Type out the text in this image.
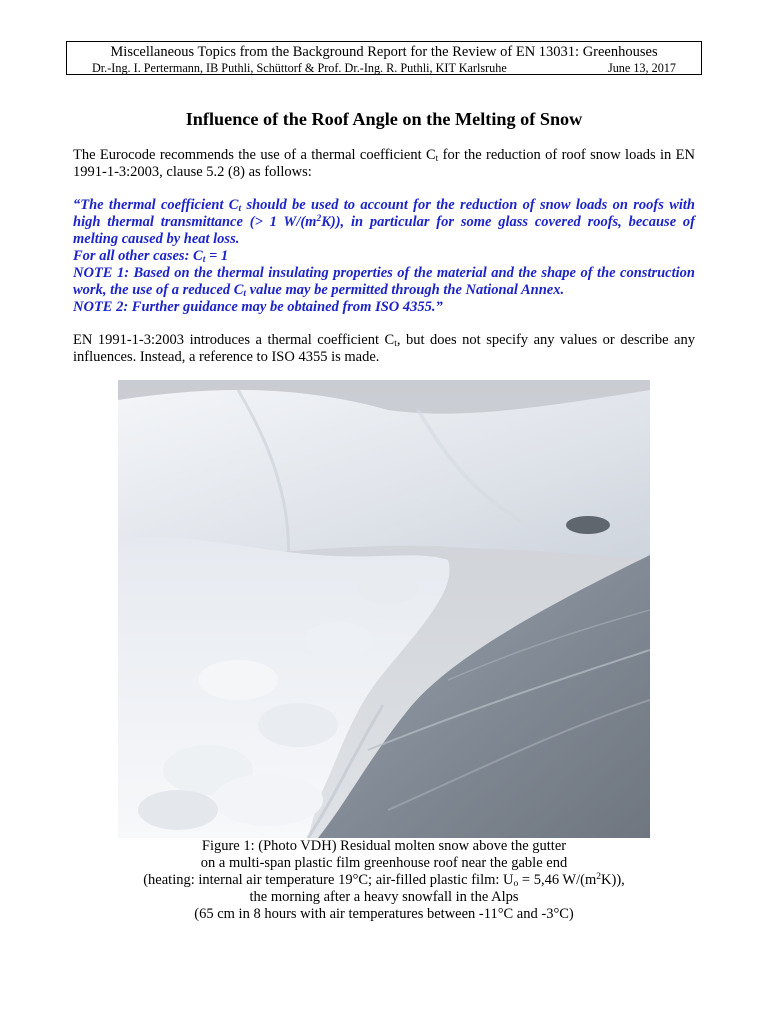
Miscellaneous Topics from the Background Report for the Review of EN 13031: Greenhouses
Dr.-Ing. I. Pertermann, IB Puthli, Schüttorf & Prof. Dr.-Ing. R. Puthli, KIT Karlsruhe	June 13, 2017
Influence of the Roof Angle on the Melting of Snow
The Eurocode recommends the use of a thermal coefficient $C_t$ for the reduction of roof snow loads in EN 1991-1-3:2003, clause 5.2 (8) as follows:
“The thermal coefficient $C_t$ should be used to account for the reduction of snow loads on roofs with high thermal transmittance (> 1 $W/(m^2K)$), in particular for some glass covered roofs, because of melting caused by heat loss.
For all other cases: $C_t = 1$
NOTE 1: Based on the thermal insulating properties of the material and the shape of the construction work, the use of a reduced $C_t$ value may be permitted through the National Annex.
NOTE 2: Further guidance may be obtained from ISO 4355.”
EN 1991-1-3:2003 introduces a thermal coefficient $C_t$, but does not specify any values or describe any influences. Instead, a reference to ISO 4355 is made.
Figure 1: (Photo VDH) Residual molten snow above the gutter
on a multi-span plastic film greenhouse roof near the gable end
(heating: internal air temperature 19°C; air-filled plastic film: $U_o = 5,46$ $W/(m^2K)$),
the morning after a heavy snowfall in the Alps
(65 cm in 8 hours with air temperatures between -11°C and -3°C)
